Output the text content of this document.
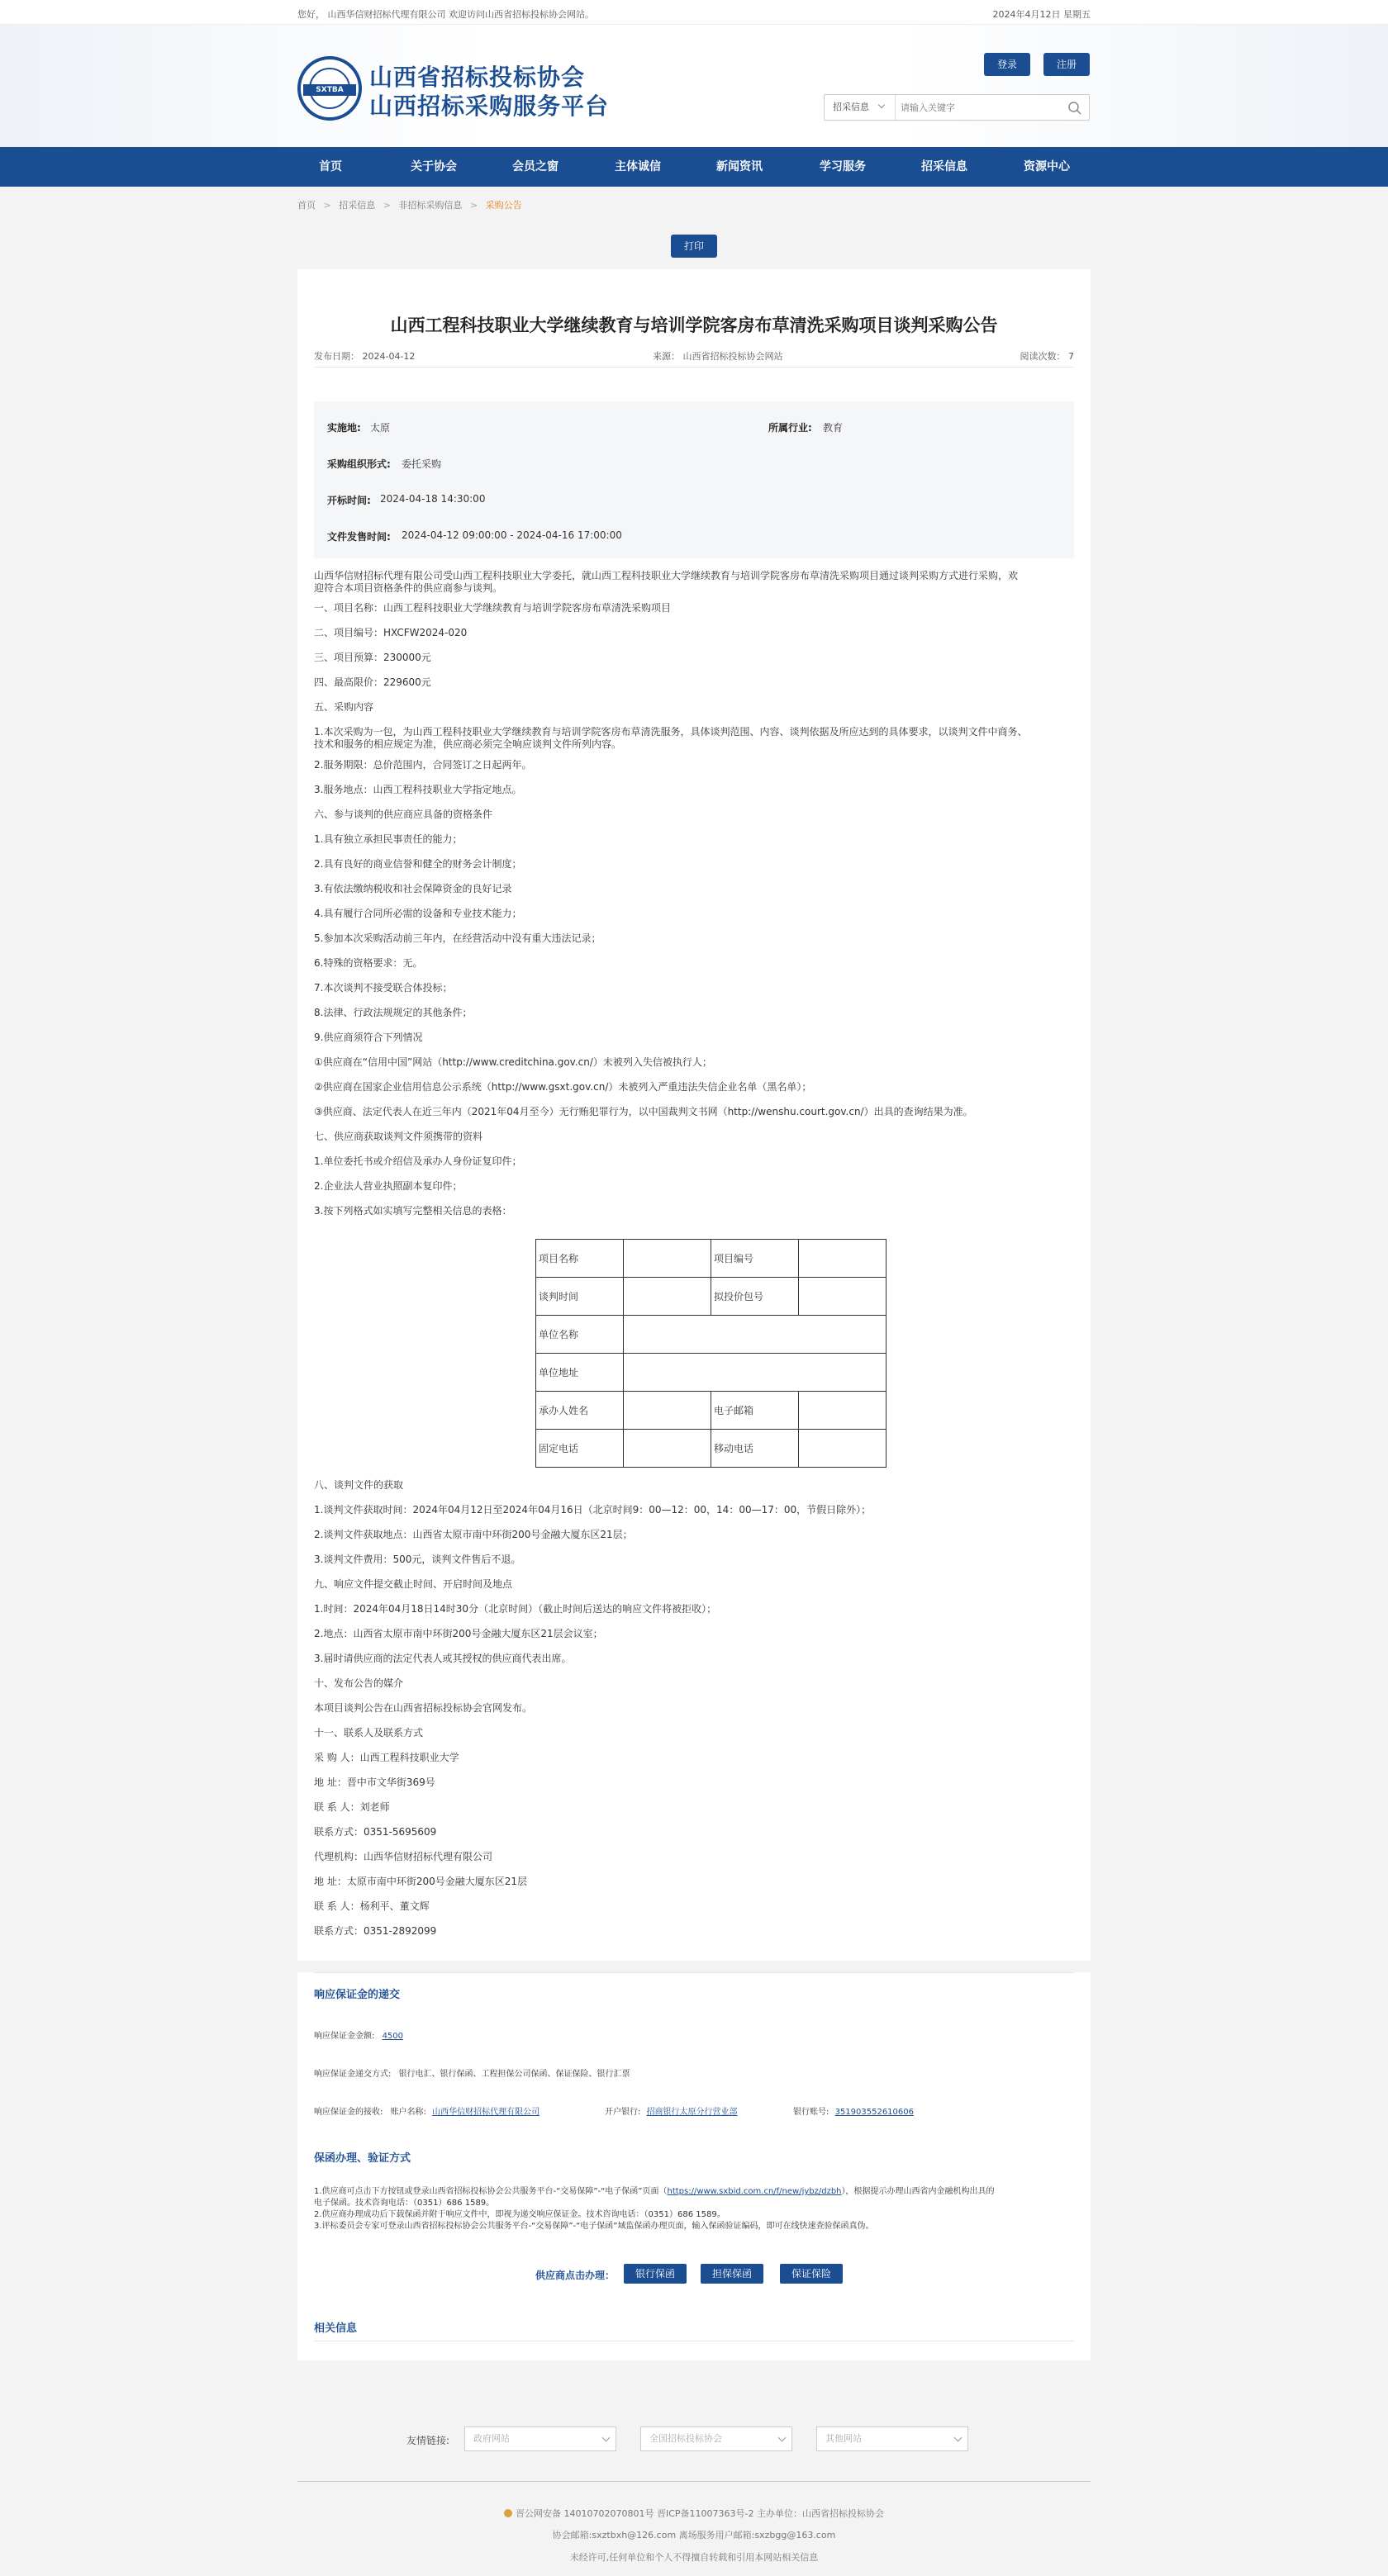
您好， 山西华信财招标代理有限公司 欢迎访问山西省招标投标协会网站。	2024年4月12日 星期五
SXTBA	山西省招标投标协会
山西招标采购服务平台
登录	注册
招采信息
请输入关键字
首页	关于协会	会员之窗	主体诚信	新闻资讯	学习服务	招采信息	资源中心
首页 > 招采信息 > 非招标采购信息 > 采购公告
打印
山西工程科技职业大学继续教育与培训学院客房布草清洗采购项目谈判采购公告
发布日期： 2024-04-12	来源： 山西省招标投标协会网站	阅读次数： 7
实施地: 太原	所属行业: 教育
采购组织形式: 委托采购
开标时间: 2024-04-18 14:30:00
文件发售时间: 2024-04-12 09:00:00 - 2024-04-16 17:00:00
山西华信财招标代理有限公司受山西工程科技职业大学委托，就山西工程科技职业大学继续教育与培训学院客房布草清洗采购项目通过谈判采购方式进行采购，欢
迎符合本项目资格条件的供应商参与谈判。
一、项目名称：山西工程科技职业大学继续教育与培训学院客房布草清洗采购项目
二、项目编号：HXCFW2024-020
三、项目预算：230000元
四、最高限价：229600元
五、采购内容
1.本次采购为一包，为山西工程科技职业大学继续教育与培训学院客房布草清洗服务，具体谈判范围、内容、谈判依据及所应达到的具体要求，以谈判文件中商务、
技术和服务的相应规定为准，供应商必须完全响应谈判文件所列内容。
2.服务期限：总价范围内，合同签订之日起两年。
3.服务地点：山西工程科技职业大学指定地点。
六、参与谈判的供应商应具备的资格条件
1.具有独立承担民事责任的能力；
2.具有良好的商业信誉和健全的财务会计制度；
3.有依法缴纳税收和社会保障资金的良好记录
4.具有履行合同所必需的设备和专业技术能力；
5.参加本次采购活动前三年内，在经营活动中没有重大违法记录；
6.特殊的资格要求：无。
7.本次谈判不接受联合体投标；
8.法律、行政法规规定的其他条件；
9.供应商须符合下列情况
①供应商在“信用中国”网站（http://www.creditchina.gov.cn/）未被列入失信被执行人；
②供应商在国家企业信用信息公示系统（http://www.gsxt.gov.cn/）未被列入严重违法失信企业名单（黑名单）；
③供应商、法定代表人在近三年内（2021年04月至今）无行贿犯罪行为，以中国裁判文书网（http://wenshu.court.gov.cn/）出具的查询结果为准。
七、供应商获取谈判文件须携带的资料
1.单位委托书或介绍信及承办人身份证复印件；
2.企业法人营业执照副本复印件；
3.按下列格式如实填写完整相关信息的表格：
项目名称		项目编号	
谈判时间		拟投价包号	
单位名称			
单位地址			
承办人姓名		电子邮箱	
固定电话		移动电话	
八、谈判文件的获取
1.谈判文件获取时间：2024年04月12日至2024年04月16日（北京时间9：00—12：00，14：00—17：00，节假日除外）；
2.谈判文件获取地点：山西省太原市南中环街200号金融大厦东区21层；
3.谈判文件费用：500元，谈判文件售后不退。
九、响应文件提交截止时间、开启时间及地点
1.时间：2024年04月18日14时30分（北京时间）（截止时间后送达的响应文件将被拒收）；
2.地点：山西省太原市南中环街200号金融大厦东区21层会议室；
3.届时请供应商的法定代表人或其授权的供应商代表出席。
十、发布公告的媒介
本项目谈判公告在山西省招标投标协会官网发布。
十一、联系人及联系方式
采 购 人：山西工程科技职业大学
地 址：晋中市文华街369号
联 系 人：刘老师
联系方式：0351-5695609
代理机构：山西华信财招标代理有限公司
地 址：太原市南中环街200号金融大厦东区21层
联 系 人：杨利平、董文辉
联系方式：0351-2892099
响应保证金的递交
响应保证金金额: 4500
响应保证金递交方式: 银行电汇、银行保函、工程担保公司保函、保证保险、银行汇票
响应保证金的接收: 账户名称: 山西华信财招标代理有限公司	开户银行: 招商银行太原分行营业部	银行账号: 351903552610606
保函办理、验证方式
1.供应商可点击下方按钮或登录山西省招标投标协会公共服务平台-“交易保障”-“电子保函”页面（https://www.sxbid.com.cn/f/new/jybz/dzbh），根据提示办理山西省内金融机构出具的
电子保函。技术咨询电话：（0351）686 1589。
2.供应商办理成功后下载保函并附于响应文件中，即视为递交响应保证金。技术咨询电话：（0351）686 1589。
3.评标委员会专家可登录山西省招标投标协会公共服务平台-“交易保障”-“电子保函”域监保函办理页面，输入保函验证编码，即可在线快速查验保函真伪。
供应商点击办理：	银行保函	担保保函	保证保险
相关信息
友情链接:	政府网站	全国招标投标协会	其他网站
晋公网安备 14010702070801号 晋ICP备11007363号-2 主办单位：山西省招标投标协会
协会邮箱:sxztbxh@126.com 离场服务用户邮箱:sxzbgg@163.com
未经许可,任何单位和个人不得擅自转载和引用本网站相关信息
